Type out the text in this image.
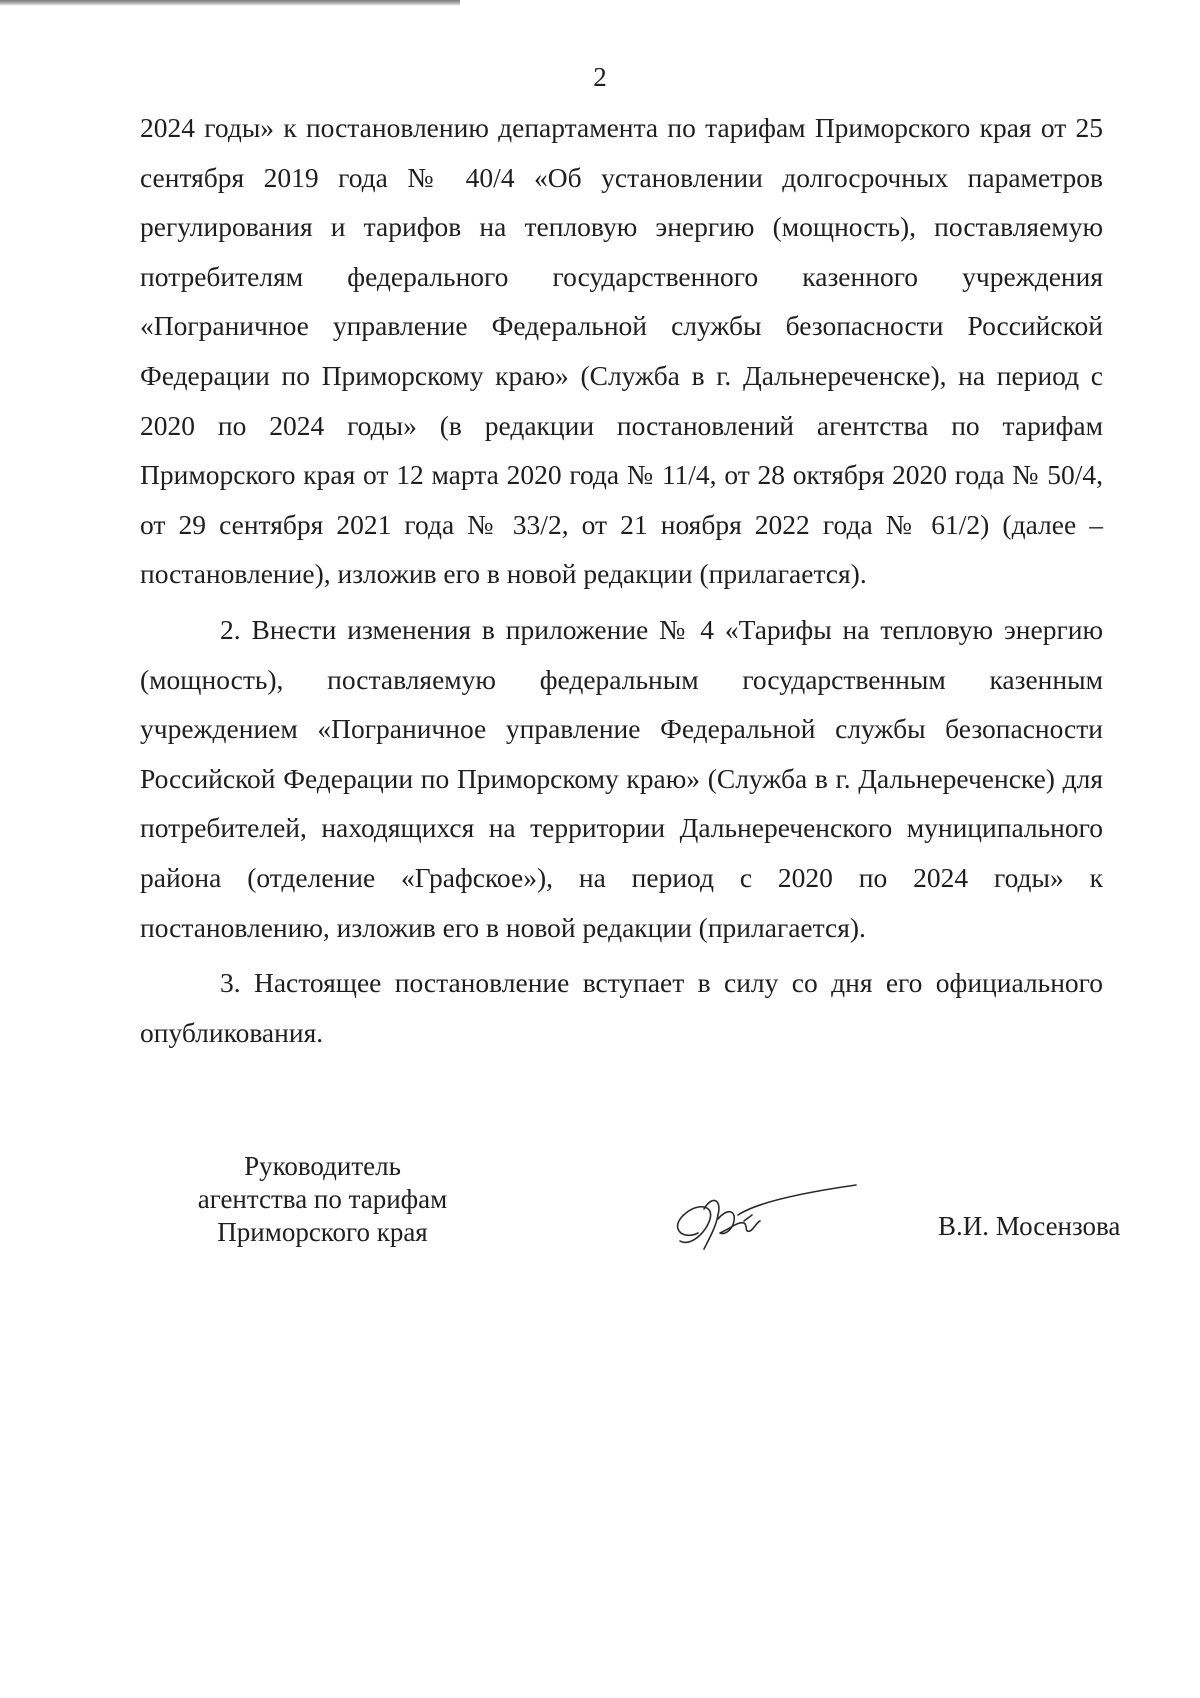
2

2024 годы» к постановлению департамента по тарифам Приморского края от 25 сентября 2019 года № 40/4 «Об установлении долгосрочных параметров регулирования и тарифов на тепловую энергию (мощность), поставляемую потребителям федерального государственного казенного учреждения «Пограничное управление Федеральной службы безопасности Российской Федерации по Приморскому краю» (Служба в г. Дальнереченске), на период с 2020 по 2024 годы» (в редакции постановлений агентства по тарифам Приморского края от 12 марта 2020 года № 11/4, от 28 октября 2020 года № 50/4, от 29 сентября 2021 года № 33/2, от 21 ноября 2022 года № 61/2) (далее – постановление), изложив его в новой редакции (прилагается).

2. Внести изменения в приложение № 4 «Тарифы на тепловую энергию (мощность), поставляемую федеральным государственным казенным учреждением «Пограничное управление Федеральной службы безопасности Российской Федерации по Приморскому краю» (Служба в г. Дальнереченске) для потребителей, находящихся на территории Дальнереченского муниципального района (отделение «Графское»), на период с 2020 по 2024 годы» к постановлению, изложив его в новой редакции (прилагается).

3. Настоящее постановление вступает в силу со дня его официального опубликования.

Руководитель
агентства по тарифам
Приморского края	В.И. Мосензова
